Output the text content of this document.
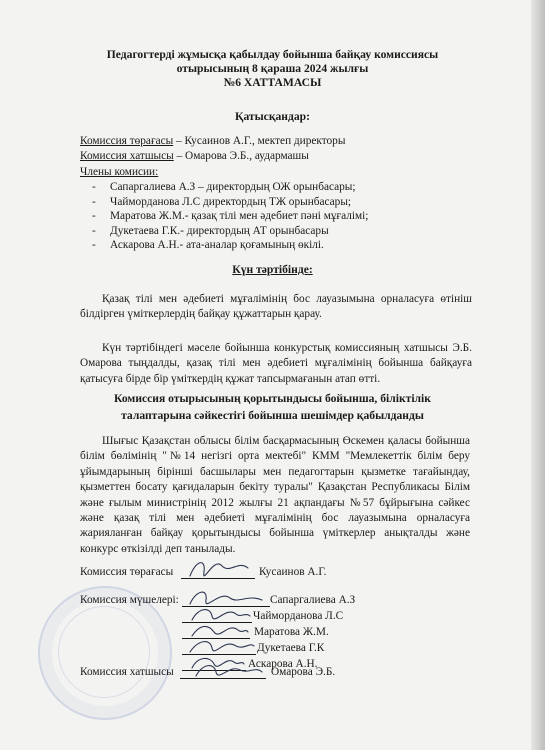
Педагогтерді жұмысқа қабылдау бойынша байқау комиссиясы
отырысының 8 қараша 2024 жылғы
№6 ХАТТАМАСЫ
Қатысқандар:
Комиссия төрағасы – Кусаинов А.Г., мектеп директоры
Комиссия хатшысы – Омарова Э.Б., аудармашы
Члены комисии:
- Сапаргалиева А.З – директордың ОЖ орынбасары;
- Чайморданова Л.С директордың ТЖ орынбасары;
- Маратова Ж.М.- қазақ тілі мен әдебиет пәні мұғалімі;
- Дукетаева Г.К.- директордың АТ орынбасары
- Аскарова А.Н.- ата-аналар қоғамының өкілі.
Күн тәртібінде:
Қазақ тілі мен әдебиеті мұғалімінің бос лауазымына орналасуға өтініш білдірген үміткерлердің байқау құжаттарын қарау.
Күн тәртібіндегі мәселе бойынша конкурстық комиссияның хатшысы Э.Б. Омарова тыңдалды, қазақ тілі мен әдебиеті мұғалімінің бойынша байқауға қатысуға бірде бір үміткердің құжат тапсырмағанын атап өтті.
Комиссия отырысының қорытындысы бойынша, біліктілік
талаптарына сәйкестігі бойынша шешімдер қабылданды
Шығыс Қазақстан облысы білім басқармасының Өскемен қаласы бойынша білім бөлімінің "№14 негізгі орта мектебі" КММ "Мемлекеттік білім беру ұйымдарының бірінші басшылары мен педагогтарын қызметке тағайындау, қызметтен босату қағидаларын бекіту туралы" Қазақстан Республикасы Білім және ғылым министрінің 2012 жылғы 21 ақпандағы №57 бұйрығына сәйкес және қазақ тілі мен әдебиеті мұғалімінің бос лауазымына орналасуға жарияланған байқау қорытындысы бойынша үміткерлер анықталды және конкурс өткізілді деп танылады.
Комиссия төрағасы	Кусаинов А.Г.
Комиссия мүшелері:	Сапаргалиева А.З
Чайморданова Л.С
Маратова Ж.М.
Дукетаева Г.К
Аскарова А.Н.
Комиссия хатшысы	Омарова Э.Б.
